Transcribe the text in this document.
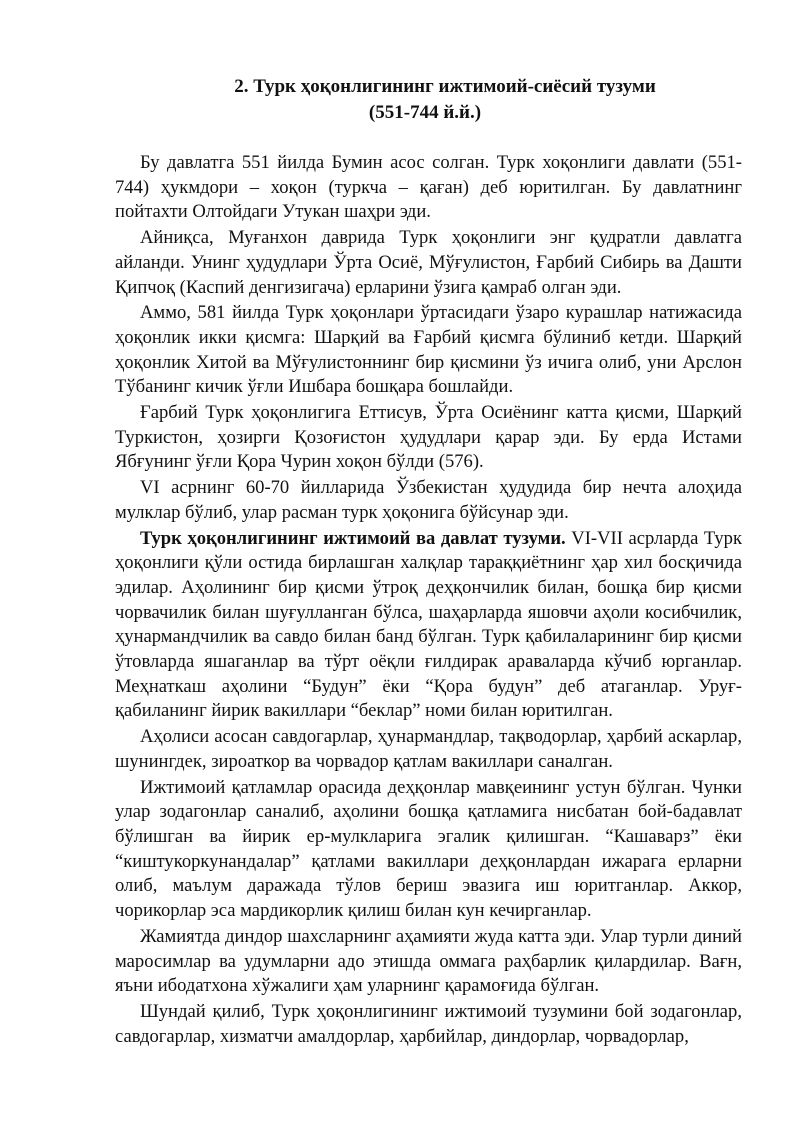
2. Турк ҳоқонлигининг ижтимоий-сиёсий тузуми
(551-744 й.й.)

Бу давлатга 551 йилда Бумин асос солган. Турк хоқонлиги давлати (551-744) ҳукмдори – хоқон (туркча – қаған) деб юритилган. Бу давлатнинг пойтахти Олтойдаги Утукан шаҳри эди.

Айниқса, Муғанхон даврида Турк ҳоқонлиги энг қудратли давлатга айланди. Унинг ҳудудлари Ўрта Осиё, Мўғулистон, Ғарбий Сибирь ва Дашти Қипчоқ (Каспий денгизигача) ерларини ўзига қамраб олган эди.

Аммо, 581 йилда Турк ҳоқонлари ўртасидаги ўзаро курашлар натижасида ҳоқонлик икки қисмга: Шарқий ва Ғарбий қисмга бўлиниб кетди. Шарқий ҳоқонлик Хитой ва Мўғулистоннинг бир қисмини ўз ичига олиб, уни Арслон Тўбанинг кичик ўғли Ишбара бошқара бошлайди.

Ғарбий Турк ҳоқонлигига Еттисув, Ўрта Осиёнинг катта қисми, Шарқий Туркистон, ҳозирги Қозоғистон ҳудудлари қарар эди. Бу ерда Истами Ябғунинг ўғли Қора Чурин хоқон бўлди (576).

VI асрнинг 60-70 йилларида Ўзбекистан ҳудудида бир нечта алоҳида мулклар бўлиб, улар расман турк ҳоқонига бўйсунар эди.

Турк ҳоқонлигининг ижтимоий ва давлат тузуми. VI-VII асрларда Турк ҳоқонлиги қўли остида бирлашган халқлар тараққиётнинг ҳар хил босқичида эдилар. Аҳолининг бир қисми ўтроқ деҳқончилик билан, бошқа бир қисми чорвачилик билан шуғулланган бўлса, шаҳарларда яшовчи аҳоли косибчилик, ҳунармандчилик ва савдо билан банд бўлган. Турк қабилаларининг бир қисми ўтовларда яшаганлар ва тўрт оёқли ғилдирак араваларда кўчиб юрганлар. Меҳнаткаш аҳолини “Будун” ёки “Қора будун” деб атаганлар. Уруғ-қабиланинг йирик вакиллари “беклар” номи билан юритилган.

Аҳолиси асосан савдогарлар, ҳунармандлар, тақводорлар, ҳарбий аскарлар, шунингдек, зироаткор ва чорвадор қатлам вакиллари саналган.

Ижтимоий қатламлар орасида деҳқонлар мавқеининг устун бўлган. Чунки улар зодагонлар саналиб, аҳолини бошқа қатламига нисбатан бой-бадавлат бўлишган ва йирик ер-мулкларига эгалик қилишган. “Кашаварз” ёки “киштукоркунандалар” қатлами вакиллари деҳқонлардан ижарага ерларни олиб, маълум даражада тўлов бериш эвазига иш юритганлар. Аккор, чорикорлар эса мардикорлик қилиш билан кун кечирганлар.

Жамиятда диндор шахсларнинг аҳамияти жуда катта эди. Улар турли диний маросимлар ва удумларни адо этишда оммага раҳбарлик қилардилар. Вағн, яъни ибодатхона хўжалиги ҳам уларнинг қарамоғида бўлган.

Шундай қилиб, Турк ҳоқонлигининг ижтимоий тузумини бой зодагонлар, савдогарлар, хизматчи амалдорлар, ҳарбийлар, диндорлар, чорвадорлар,
